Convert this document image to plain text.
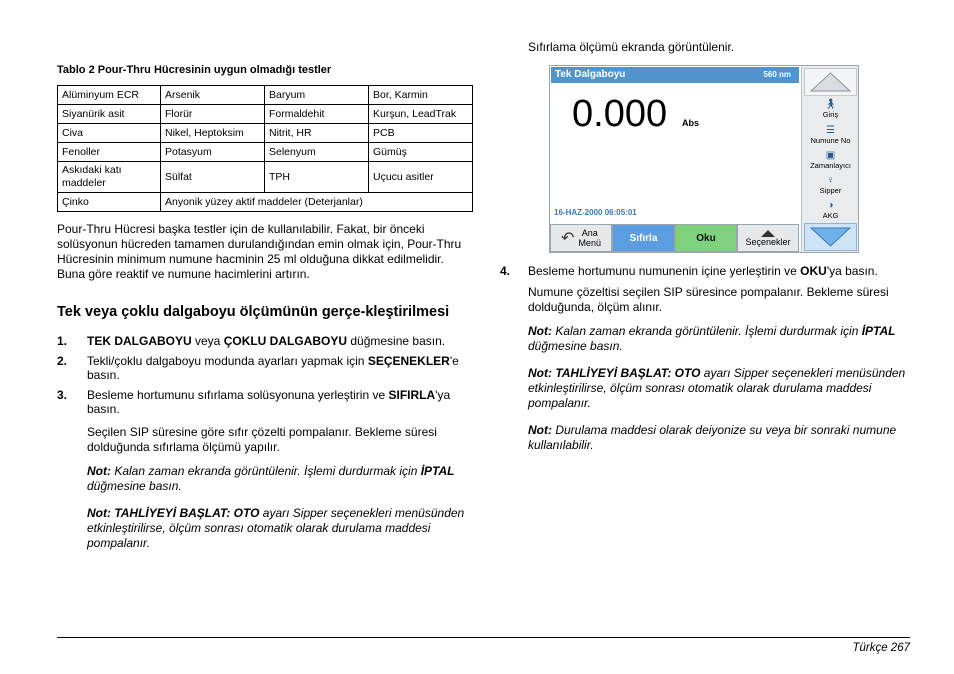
Tablo 2 Pour-Thru Hücresinin uygun olmadığı testler
Alüminyum ECR	Arsenik	Baryum	Bor, Karmin
Siyanürik asit	Florür	Formaldehit	Kurşun, LeadTrak
Civa	Nikel, Heptoksim	Nitrit, HR	PCB
Fenoller	Potasyum	Selenyum	Gümüş
Askıdaki katı maddeler	Sülfat	TPH	Uçucu asitler
Çinko	Anyonik yüzey aktif maddeler (Deterjanlar)		

Pour-Thru Hücresi başka testler için de kullanılabilir. Fakat, bir önceki solüsyonun hücreden tamamen durulandığından emin olmak için, Pour-Thru Hücresinin minimum numune hacminin 25 ml olduğuna dikkat edilmelidir. Buna göre reaktif ve numune hacimlerini artırın.

Tek veya çoklu dalgaboyu ölçümünün gerçe-kleştirilmesi
1. TEK DALGABOYU veya ÇOKLU DALGABOYU düğmesine basın.
2. Tekli/çoklu dalgaboyu modunda ayarları yapmak için SEÇENEKLER'e basın.
3. Besleme hortumunu sıfırlama solüsyonuna yerleştirin ve SIFIRLA'ya basın.

Seçilen SIP süresine göre sıfır çözelti pompalanır. Bekleme süresi dolduğunda sıfırlama ölçümü yapılır.

Not: Kalan zaman ekranda görüntülenir. İşlemi durdurmak için İPTAL düğmesine basın.

Not: TAHLİYEYİ BAŞLAT: OTO ayarı Sipper seçenekleri menüsünden etkinleştirilirse, ölçüm sonrası otomatik olarak durulama maddesi pompalanır.

Sıfırlama ölçümü ekranda görüntülenir.

4. Besleme hortumunu numunenin içine yerleştirin ve OKU'ya basın.

Numune çözeltisi seçilen SIP süresince pompalanır. Bekleme süresi dolduğunda, ölçüm alınır.

Not: Kalan zaman ekranda görüntülenir. İşlemi durdurmak için İPTAL düğmesine basın.

Not: TAHLİYEYİ BAŞLAT: OTO ayarı Sipper seçenekleri menüsünden etkinleştirilirse, ölçüm sonrası otomatik olarak durulama maddesi pompalanır.

Not: Durulama maddesi olarak deiyonize su veya bir sonraki numune kullanılabilir.

Tek Dalgaboyu	560 nm
0.000 Abs
16-HAZ-2000 06:05:01
🚶︎
Giriş
☰
Numune No
▣
Zamanlayıcı
♀
Sipper
◑
AKG
↶ Ana
Menü	Sıfırla	Oku	Seçenekler
Türkçe 267
